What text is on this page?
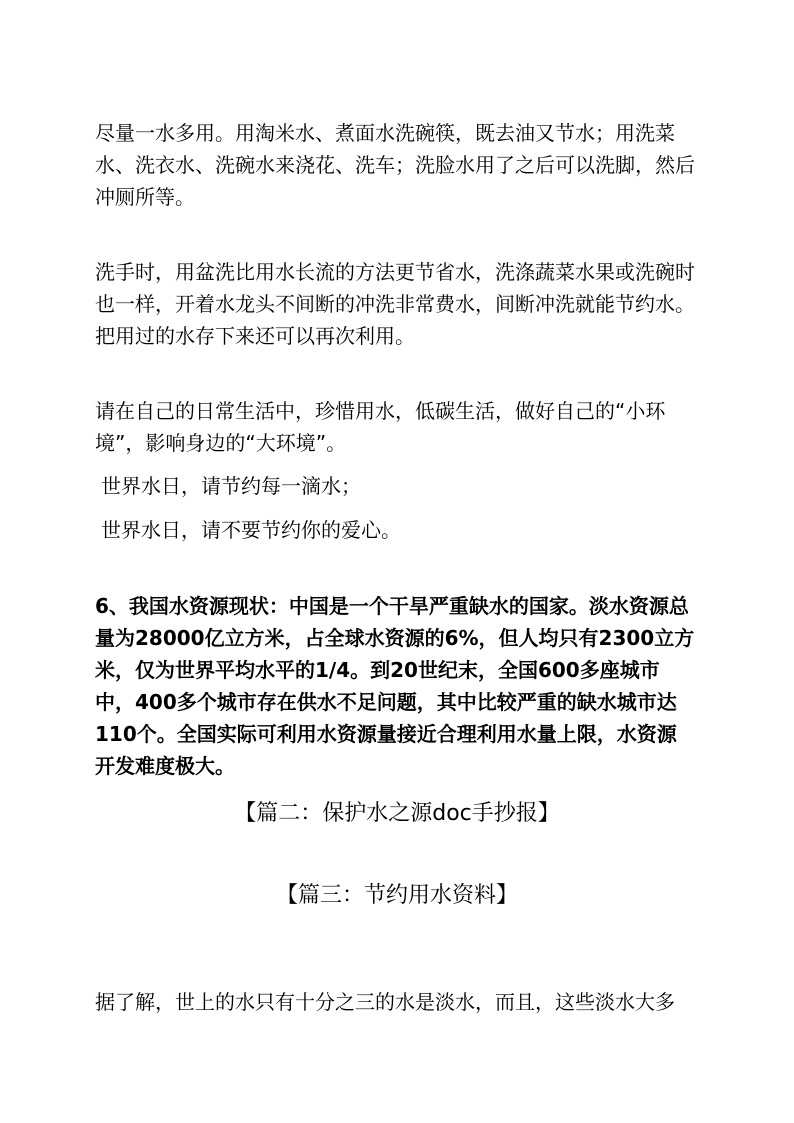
尽量一水多用。用淘米水、煮面水洗碗筷，既去油又节水；用洗菜水、洗衣水、洗碗水来浇花、洗车；洗脸水用了之后可以洗脚，然后冲厕所等。

洗手时，用盆洗比用水长流的方法更节省水，洗涤蔬菜水果或洗碗时也一样，开着水龙头不间断的冲洗非常费水，间断冲洗就能节约水。把用过的水存下来还可以再次利用。

请在自己的日常生活中，珍惜用水，低碳生活，做好自己的“小环境”，影响身边的“大环境”。

世界水日，请节约每一滴水；

世界水日，请不要节约你的爱心。

6、我国水资源现状：中国是一个干旱严重缺水的国家。淡水资源总量为28000亿立方米，占全球水资源的6%，但人均只有2300立方米，仅为世界平均水平的1/4。到20世纪末，全国600多座城市中，400多个城市存在供水不足问题，其中比较严重的缺水城市达110个。全国实际可利用水资源量接近合理利用水量上限，水资源开发难度极大。

【篇二：保护水之源doc手抄报】
【篇三：节约用水资料】

据了解，世上的水只有十分之三的水是淡水，而且，这些淡水大多
